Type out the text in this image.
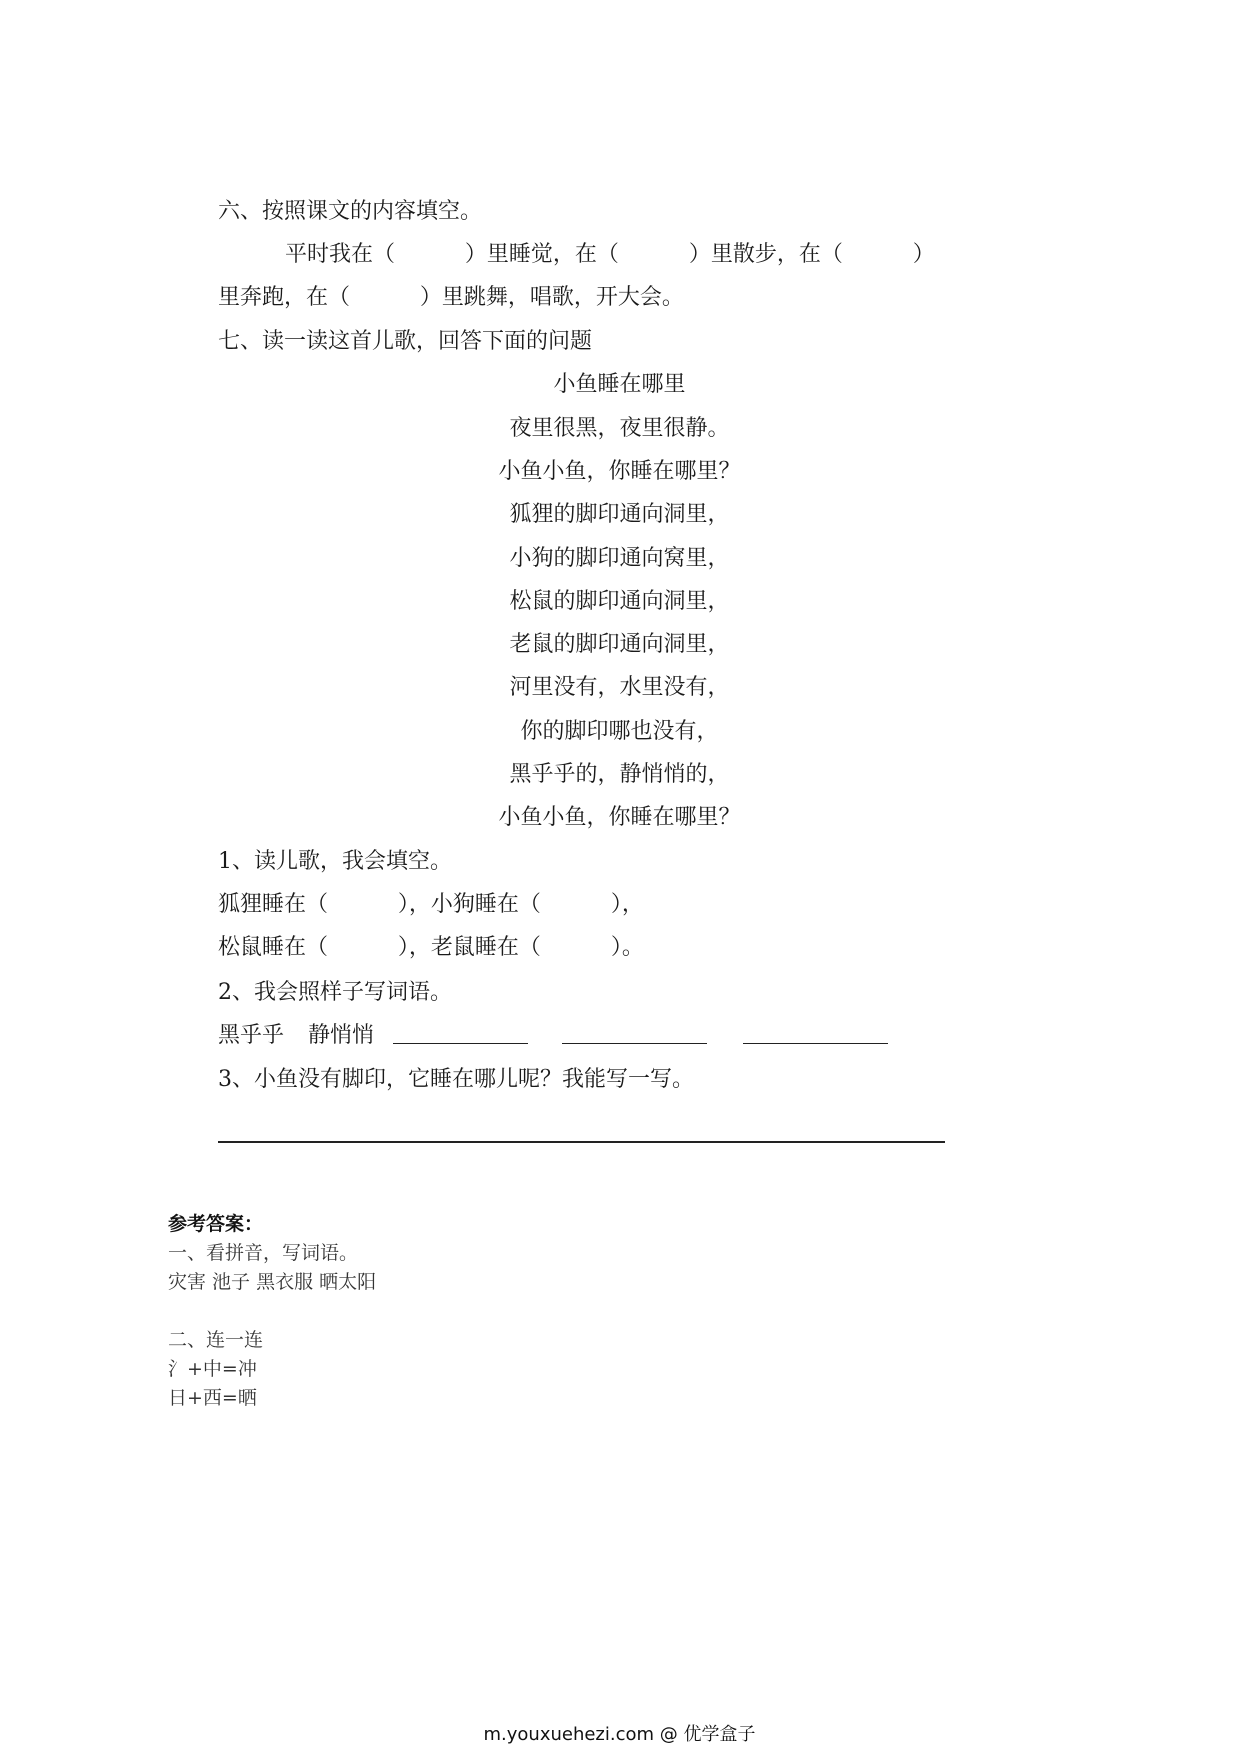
六、按照课文的内容填空。
平时我在（          ）里睡觉，在（          ）里散步，在（          ）
里奔跑，在（          ）里跳舞，唱歌，开大会。
七、读一读这首儿歌，回答下面的问题
小鱼睡在哪里
夜里很黑，夜里很静。
小鱼小鱼，你睡在哪里？
狐狸的脚印通向洞里，
小狗的脚印通向窝里，
松鼠的脚印通向洞里，
老鼠的脚印通向洞里，
河里没有，水里没有，
你的脚印哪也没有，
黑乎乎的，静悄悄的，
小鱼小鱼，你睡在哪里？
1、读儿歌，我会填空。
狐狸睡在（          ），小狗睡在（          ），
松鼠睡在（          ），老鼠睡在（          ）。
2、我会照样子写词语。
黑乎乎 静悄悄
3、小鱼没有脚印，它睡在哪儿呢？我能写一写。
参考答案：
一、看拼音，写词语。
灾害 池子 黑衣服 晒太阳
二、连一连
氵+中=冲
日+西=晒
m.youxuehezi.com @ 优学盒子
